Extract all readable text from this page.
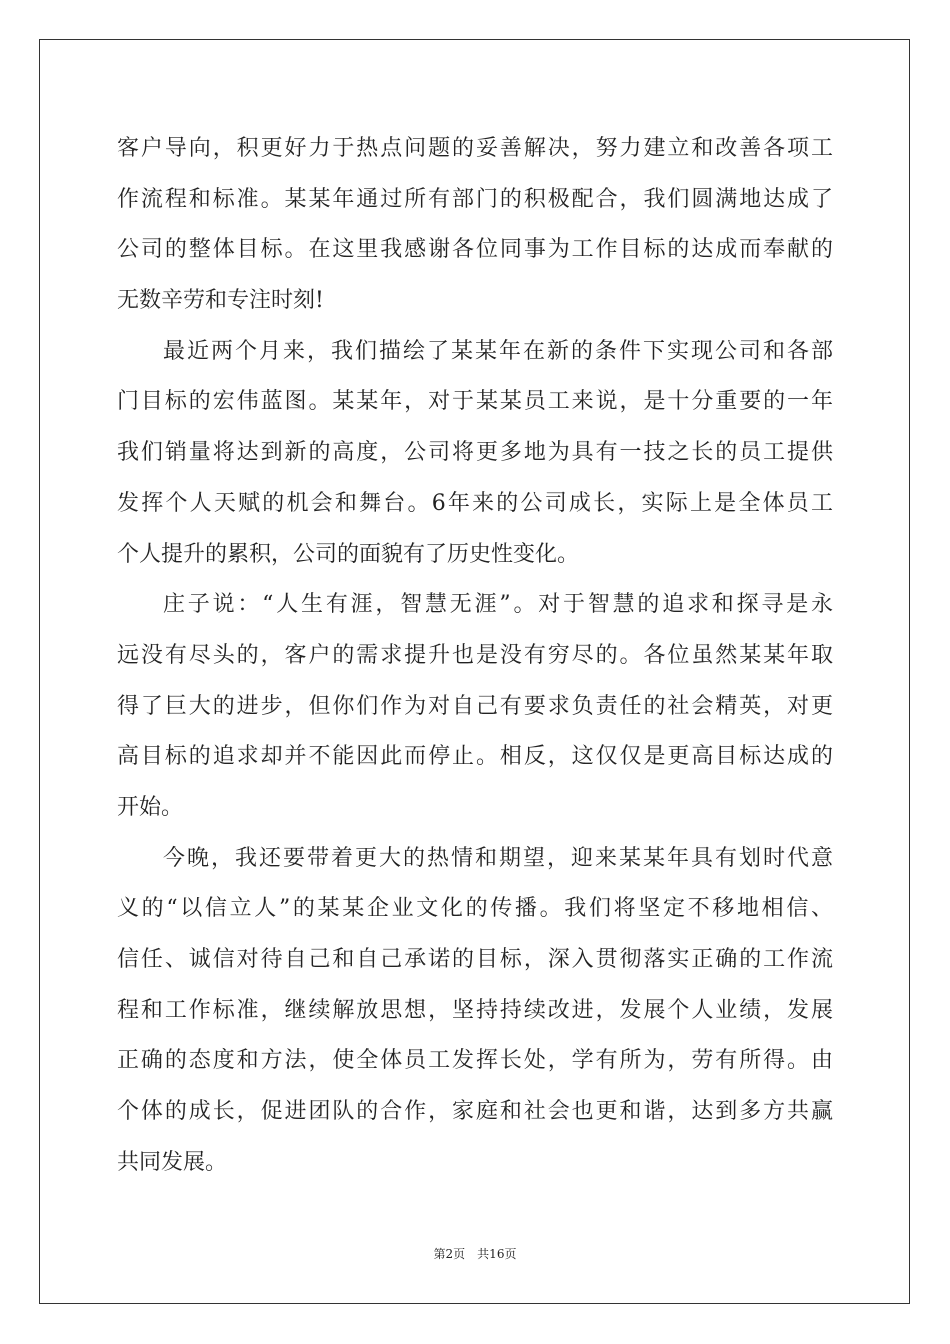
客户导向，积更好力于热点问题的妥善解决，努力建立和改善各项工
作流程和标准。某某年通过所有部门的积极配合，我们圆满地达成了
公司的整体目标。在这里我感谢各位同事为工作目标的达成而奉献的
无数辛劳和专注时刻!
最近两个月来，我们描绘了某某年在新的条件下实现公司和各部
门目标的宏伟蓝图。某某年，对于某某员工来说，是十分重要的一年
我们销量将达到新的高度，公司将更多地为具有一技之长的员工提供
发挥个人天赋的机会和舞台。6年来的公司成长，实际上是全体员工
个人提升的累积，公司的面貌有了历史性变化。
庄子说：“人生有涯，智慧无涯”。对于智慧的追求和探寻是永
远没有尽头的，客户的需求提升也是没有穷尽的。各位虽然某某年取
得了巨大的进步，但你们作为对自己有要求负责任的社会精英，对更
高目标的追求却并不能因此而停止。相反，这仅仅是更高目标达成的
开始。
今晚，我还要带着更大的热情和期望，迎来某某年具有划时代意
义的“以信立人”的某某企业文化的传播。我们将坚定不移地相信、
信任、诚信对待自己和自己承诺的目标，深入贯彻落实正确的工作流
程和工作标准，继续解放思想，坚持持续改进，发展个人业绩，发展
正确的态度和方法，使全体员工发挥长处，学有所为，劳有所得。由
个体的成长，促进团队的合作，家庭和社会也更和谐，达到多方共赢
共同发展。
第2页　共16页
